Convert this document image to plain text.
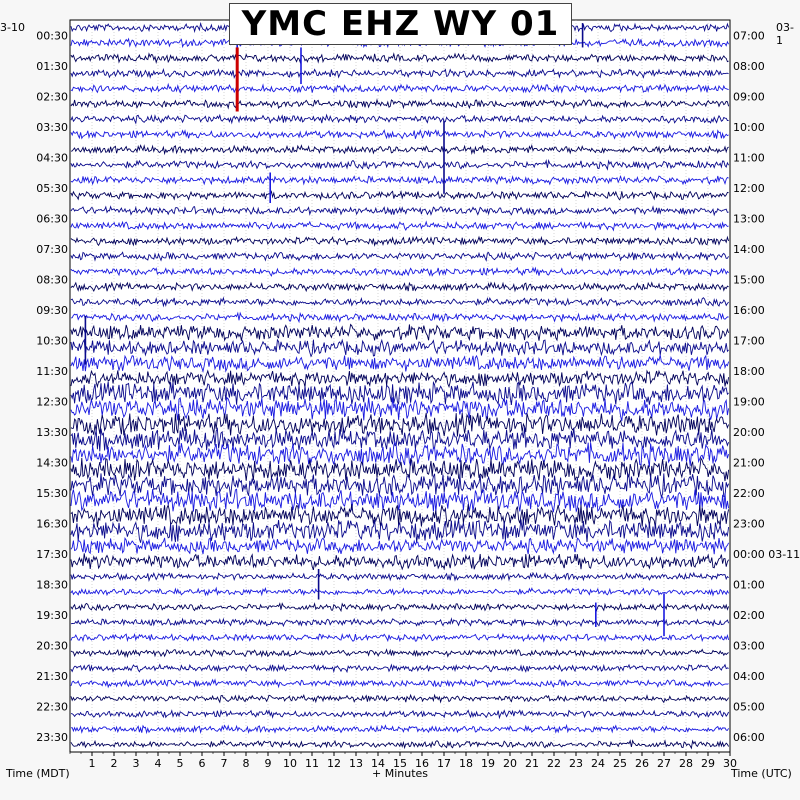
1 2 3 4 5 6 7 8 9 10 11 12 13 14 15 16 17 18 19 20 21 22 23 24 25 26 27 28 29 30
00:30	07:00
01:30	08:00
02:30	09:00
03:30	10:00
04:30	11:00
05:30	12:00
06:30	13:00
07:30	14:00
08:30	15:00
09:30	16:00
10:30	17:00
11:30	18:00
12:30	19:00
13:30	20:00
14:30	21:00
15:30	22:00
16:30	23:00
17:30	00:00 03-11
18:30	01:00
19:30	02:00
20:30	03:00
21:30	04:00
22:30	05:00
23:30	06:00
YMC EHZ WY 01
3-10	03-1
Time (MDT)	+ Minutes	Time (UTC)
